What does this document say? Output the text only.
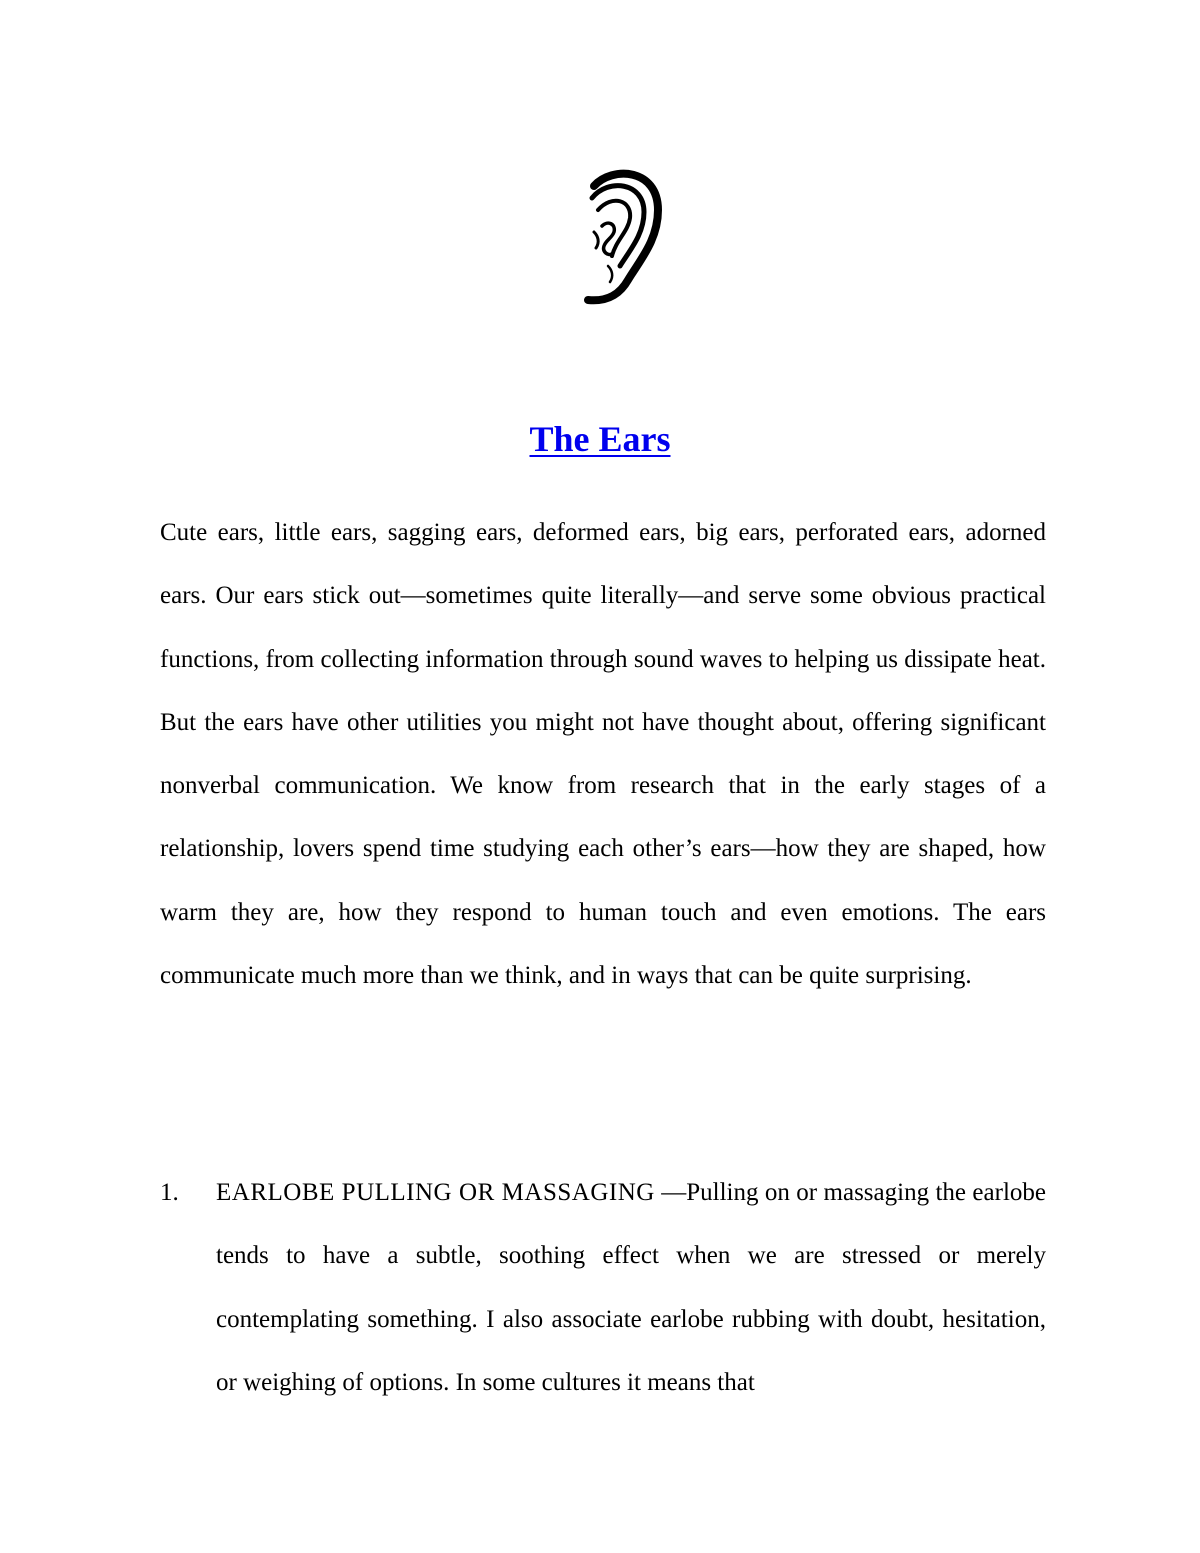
The Ears

Cute ears, little ears, sagging ears, deformed ears, big ears, perforated ears, adorned ears. Our ears stick out—sometimes quite literally—and serve some obvious practical functions, from collecting information through sound waves to helping us dissipate heat. But the ears have other utilities you might not have thought about, offering significant nonverbal communication. We know from research that in the early stages of a relationship, lovers spend time studying each other’s ears—how they are shaped, how warm they are, how they respond to human touch and even emotions. The ears communicate much more than we think, and in ways that can be quite surprising.

1. EARLOBE PULLING OR MASSAGING —Pulling on or massaging the earlobe tends to have a subtle, soothing effect when we are stressed or merely contemplating something. I also associate earlobe rubbing with doubt, hesitation, or weighing of options. In some cultures it means that
